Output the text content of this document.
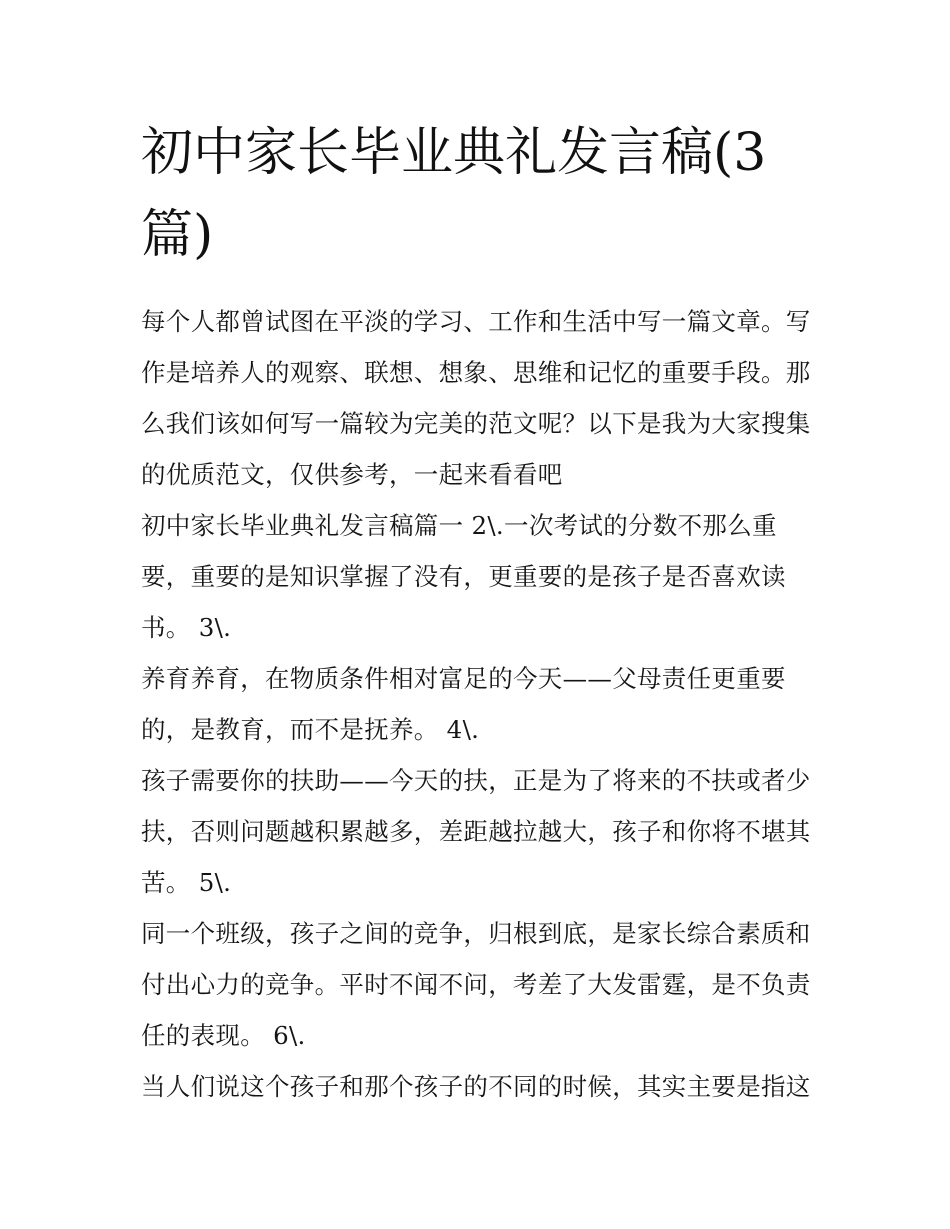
初中家长毕业典礼发言稿(3篇)

每个人都曾试图在平淡的学习、工作和生活中写一篇文章。写作是培养人的观察、联想、想象、思维和记忆的重要手段。那么我们该如何写一篇较为完美的范文呢？以下是我为大家搜集的优质范文，仅供参考，一起来看看吧

初中家长毕业典礼发言稿篇一 2\.一次考试的分数不那么重要，重要的是知识掌握了没有，更重要的是孩子是否喜欢读书。 3\.

养育养育，在物质条件相对富足的今天——父母责任更重要的，是教育，而不是抚养。 4\.

孩子需要你的扶助——今天的扶，正是为了将来的不扶或者少扶，否则问题越积累越多，差距越拉越大，孩子和你将不堪其苦。 5\.

同一个班级，孩子之间的竞争，归根到底，是家长综合素质和付出心力的竞争。平时不闻不问，考差了大发雷霆，是不负责任的表现。 6\.

当人们说这个孩子和那个孩子的不同的时候，其实主要是指这
